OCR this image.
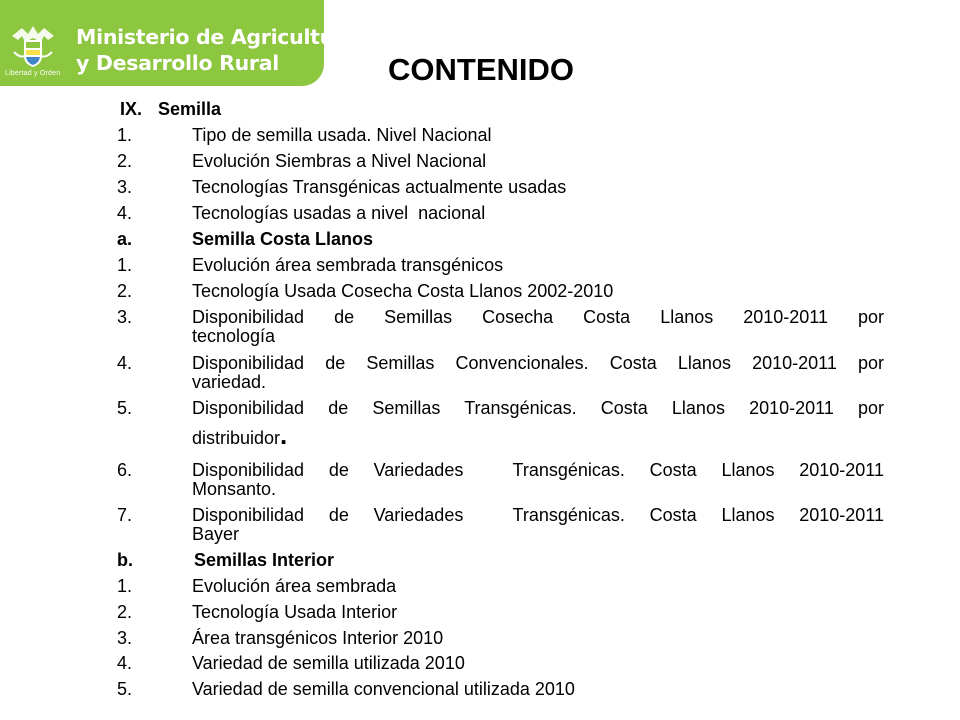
Libertad y Orden
Ministerio de Agricultura
y Desarrollo Rural	CONTENIDO
IX. Semilla
1.	Tipo de semilla usada. Nivel Nacional
2.	Evolución Siembras a Nivel Nacional
3.	Tecnologías Transgénicas actualmente usadas
4.	Tecnologías usadas a nivel  nacional
a.	Semilla Costa Llanos
1.	Evolución área sembrada transgénicos
2.	Tecnología Usada Cosecha Costa Llanos 2002-2010
3.	Disponibilidad de Semillas Cosecha Costa Llanos 2010-2011 por
tecnología
4.	Disponibilidad de Semillas Convencionales. Costa Llanos 2010-2011 por
variedad.
5.	Disponibilidad de Semillas Transgénicas. Costa Llanos 2010-2011 por
distribuidor.
6.	Disponibilidad de Variedades  Transgénicas. Costa Llanos 2010-2011
Monsanto.
7.	Disponibilidad de Variedades  Transgénicas. Costa Llanos 2010-2011
Bayer
b.	Semillas Interior
1.	Evolución área sembrada
2.	Tecnología Usada Interior
3.	Área transgénicos Interior 2010
4.	Variedad de semilla utilizada 2010
5.	Variedad de semilla convencional utilizada 2010
